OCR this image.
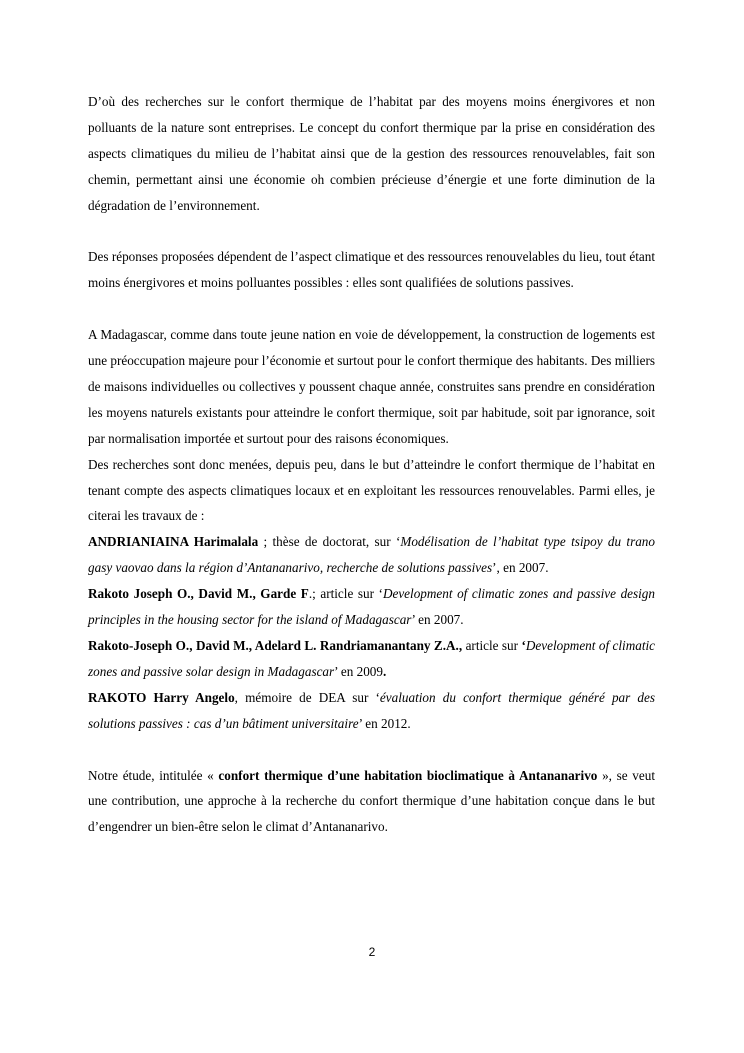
D’où des recherches sur le confort thermique de l’habitat par des moyens moins énergivores et non polluants de la nature sont entreprises. Le concept du confort thermique par la prise en considération des aspects climatiques du milieu de l’habitat ainsi que de la gestion des ressources renouvelables, fait son chemin, permettant ainsi une économie oh combien précieuse d’énergie et une forte diminution de la dégradation de l’environnement.

Des réponses proposées dépendent de l’aspect climatique et des ressources renouvelables du lieu, tout étant moins énergivores et moins polluantes possibles : elles sont qualifiées de solutions passives.

A Madagascar, comme dans toute jeune nation en voie de développement, la construction de logements est une préoccupation majeure pour l’économie et surtout pour le confort thermique des habitants. Des milliers de maisons individuelles ou collectives y poussent chaque année, construites sans prendre en considération les moyens naturels existants pour atteindre le confort thermique, soit par habitude, soit par ignorance, soit par normalisation importée et surtout pour des raisons économiques.

Des recherches sont donc menées, depuis peu, dans le but d’atteindre le confort thermique de l’habitat en tenant compte des aspects climatiques locaux et en exploitant les ressources renouvelables. Parmi elles, je citerai les travaux de :

ANDRIANIAINA Harimalala ; thèse de doctorat, sur ‘Modélisation de l’habitat type tsipoy du trano gasy vaovao dans la région d’Antananarivo, recherche de solutions passives’, en 2007.

Rakoto Joseph O., David M., Garde F.; article sur ‘Development of climatic zones and passive design principles in the housing sector for the island of Madagascar’ en 2007.

Rakoto-Joseph O., David M., Adelard L. Randriamanantany Z.A., article sur ‘Development of climatic zones and passive solar design in Madagascar’ en 2009.

RAKOTO Harry Angelo, mémoire de DEA sur ‘évaluation du confort thermique généré par des solutions passives : cas d’un bâtiment universitaire’ en 2012.

Notre étude, intitulée « confort thermique d’une habitation bioclimatique à Antananarivo », se veut une contribution, une approche à la recherche du confort thermique d’une habitation conçue dans le but d’engendrer un bien-être selon le climat d’Antananarivo.

2
